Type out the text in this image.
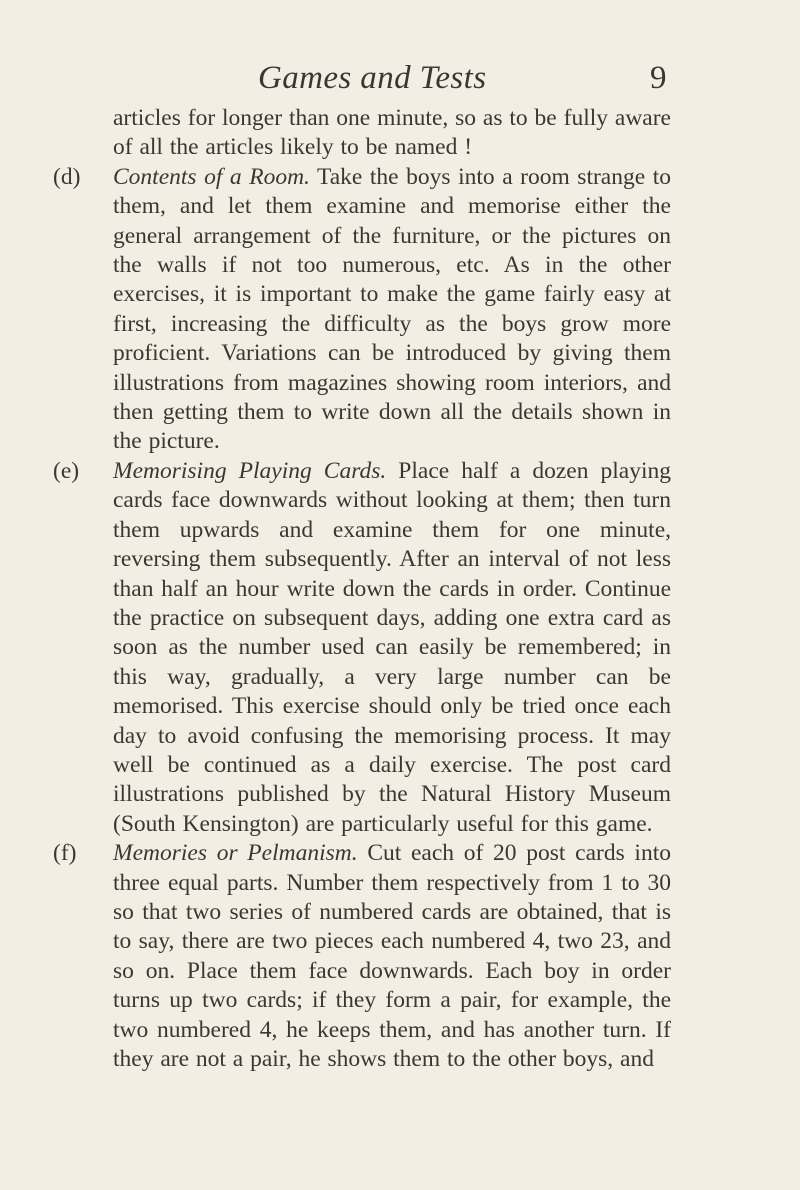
Games and Tests	9

articles for longer than one minute, so as to be fully aware of all the articles likely to be named !

(d)	Contents of a Room. Take the boys into a room strange to them, and let them examine and memorise either the general arrangement of the furniture, or the pictures on the walls if not too numerous, etc. As in the other exercises, it is important to make the game fairly easy at first, increasing the difficulty as the boys grow more proficient. Variations can be introduced by giving them illustrations from magazines showing room interiors, and then getting them to write down all the details shown in the picture.

(e)	Memorising Playing Cards. Place half a dozen playing cards face downwards without looking at them; then turn them upwards and examine them for one minute, reversing them subsequently. After an interval of not less than half an hour write down the cards in order. Continue the practice on subsequent days, adding one extra card as soon as the number used can easily be remembered; in this way, gradually, a very large number can be memorised. This exercise should only be tried once each day to avoid confusing the memorising process. It may well be continued as a daily exercise. The post card illustrations published by the Natural History Museum (South Kensington) are particularly useful for this game.

(f)	Memories or Pelmanism. Cut each of 20 post cards into three equal parts. Number them respectively from 1 to 30 so that two series of numbered cards are obtained, that is to say, there are two pieces each numbered 4, two 23, and so on. Place them face downwards. Each boy in order turns up two cards; if they form a pair, for example, the two numbered 4, he keeps them, and has another turn. If they are not a pair, he shows them to the other boys, and
